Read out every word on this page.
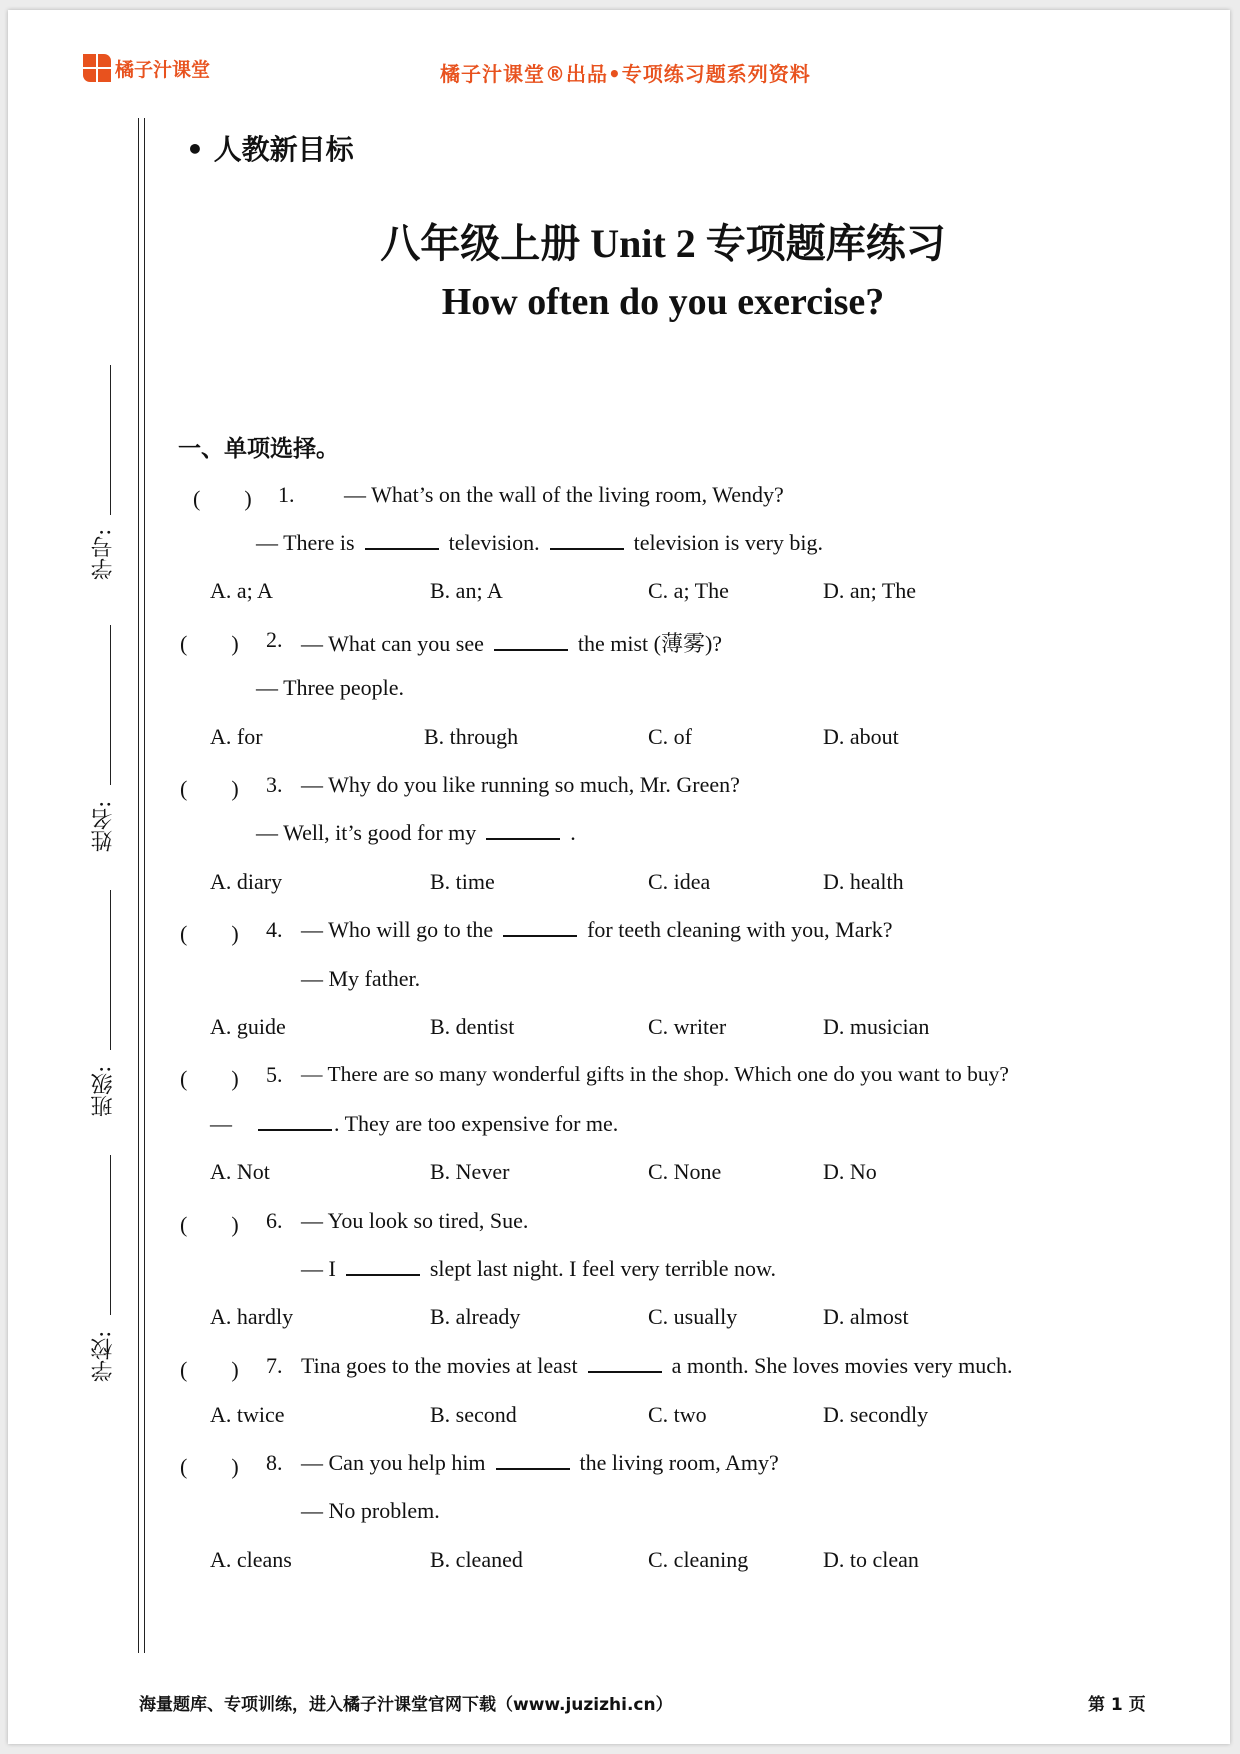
橘子汁课堂	橘子汁课堂®出品•专项练习题系列资料
学号:
姓名:
班级:
学校:
• 人教新目标
八年级上册 Unit 2 专项题库练习
How often do you exercise?
一、单项选择。
(　　) 1. — What’s on the wall of the living room, Wendy?
— There is	television.	television is very big.
A. a; A	B. an; A	C. a; The	D. an; The
(　　) 2. — What can you see	the mist (薄雾)?
— Three people.
A. for	B. through	C. of	D. about
(　　) 3. — Why do you like running so much, Mr. Green?
— Well, it’s good for my	.
A. diary	B. time	C. idea	D. health
(　　) 4. — Who will go to the	for teeth cleaning with you, Mark?
— My father.
A. guide	B. dentist	C. writer	D. musician
(　　) 5. — There are so many wonderful gifts in the shop. Which one do you want to buy?
—	. They are too expensive for me.
A. Not	B. Never	C. None	D. No
(　　) 6. — You look so tired, Sue.
— I	slept last night. I feel very terrible now.
A. hardly	B. already	C. usually	D. almost
(　　) 7. Tina goes to the movies at least	a month. She loves movies very much.
A. twice	B. second	C. two	D. secondly
(　　) 8. — Can you help him	the living room, Amy?
— No problem.
A. cleans	B. cleaned	C. cleaning	D. to clean
海量题库、专项训练，进入橘子汁课堂官网下载（www.juzizhi.cn）	第 1 页
